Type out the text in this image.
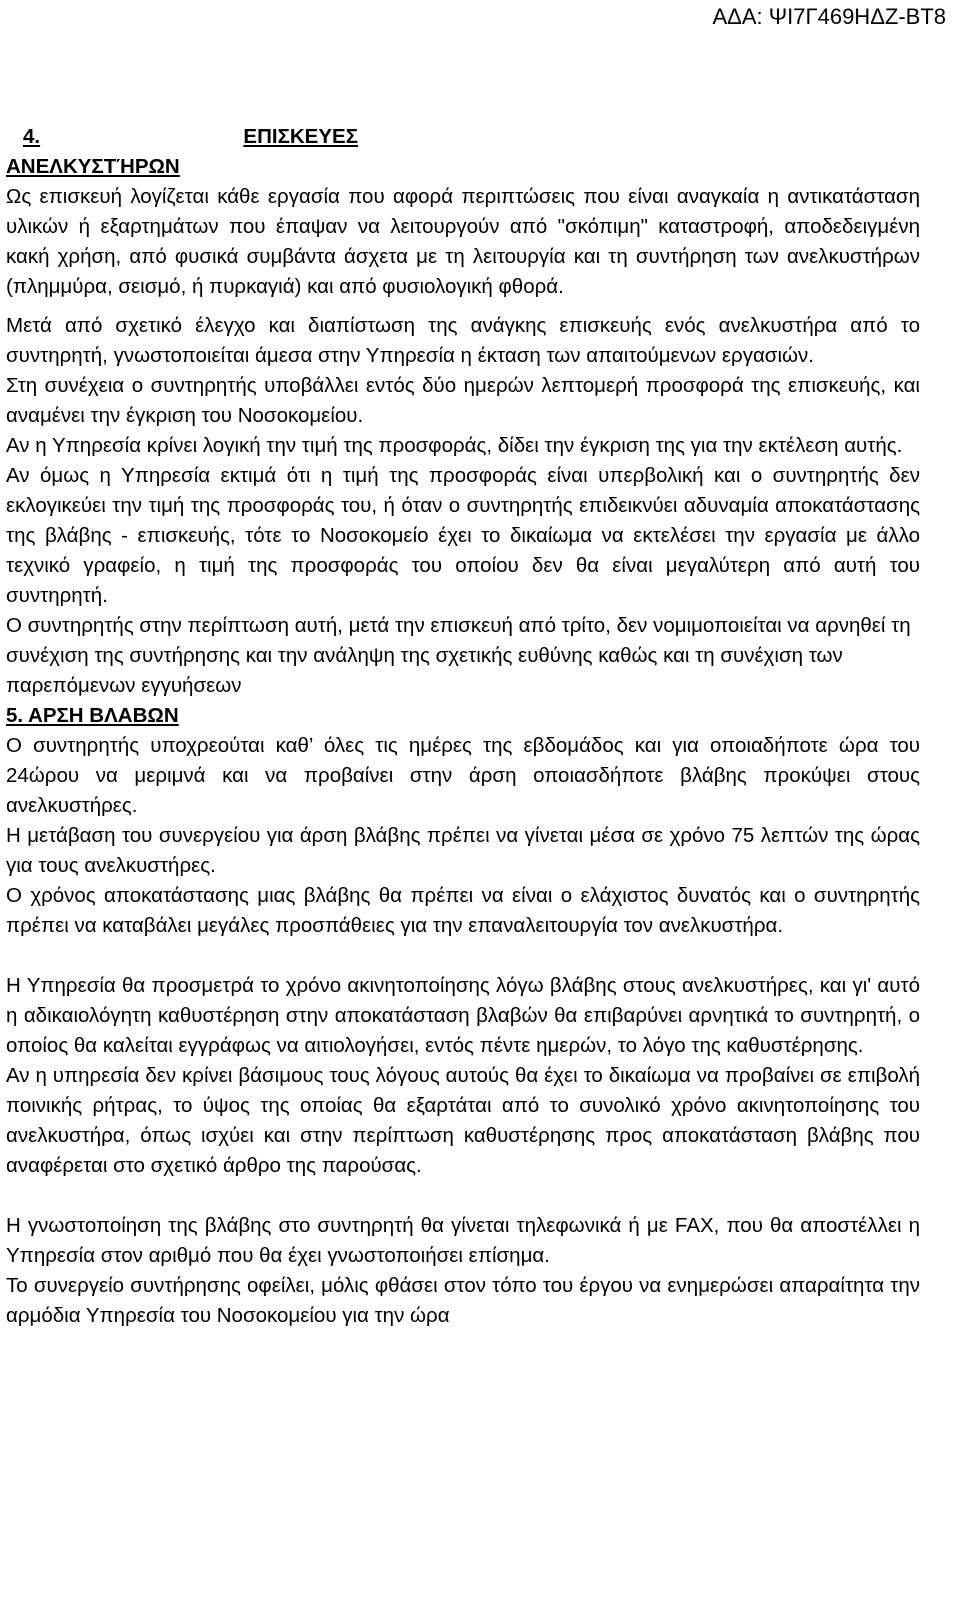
ΑΔΑ: ΨΙ7Γ469ΗΔΖ-ΒΤ8
4.	ΕΠΙΣΚΕΥΕΣ
ΑΝΕΛΚΥΣΤΉΡΩΝ

Ως επισκευή λογίζεται κάθε εργασία που αφορά περιπτώσεις που είναι αναγκαία η αντικατάσταση υλικών ή εξαρτημάτων που έπαψαν να λειτουργούν από "σκόπιμη" καταστροφή, αποδεδειγμένη κακή χρήση, από φυσικά συμβάντα άσχετα με τη λειτουργία και τη συντήρηση των ανελκυστήρων (πλημμύρα, σεισμό, ή πυρκαγιά) και από φυσιολογική φθορά.

Μετά από σχετικό έλεγχο και διαπίστωση της ανάγκης επισκευής ενός ανελκυστήρα από το συντηρητή, γνωστοποιείται άμεσα στην Υπηρεσία η έκταση των απαιτούμενων εργασιών.

Στη συνέχεια ο συντηρητής υποβάλλει εντός δύο ημερών λεπτομερή προσφορά της επισκευής, και αναμένει την έγκριση του Νοσοκομείου.

Αν η Υπηρεσία κρίνει λογική την τιμή της προσφοράς, δίδει την έγκριση της για την εκτέλεση αυτής.

Αν όμως η Υπηρεσία εκτιμά ότι η τιμή της προσφοράς είναι υπερβολική και ο συντηρητής δεν εκλογικεύει την τιμή της προσφοράς του, ή όταν ο συντηρητής επιδεικνύει αδυναμία αποκατάστασης της βλάβης - επισκευής, τότε το Νοσοκομείο έχει το δικαίωμα να εκτελέσει την εργασία με άλλο τεχνικό γραφείο, η τιμή της προσφοράς του οποίου δεν θα είναι μεγαλύτερη από αυτή του συντηρητή.

Ο συντηρητής στην περίπτωση αυτή, μετά την επισκευή από τρίτο, δεν νομιμοποιείται να αρνηθεί τη συνέχιση της συντήρησης και την ανάληψη της σχετικής ευθύνης καθώς και τη συνέχιση των παρεπόμενων εγγυήσεων

5. ΑΡΣΗ ΒΛΑΒΩΝ

Ο συντηρητής υποχρεούται καθ’ όλες τις ημέρες της εβδομάδος και για οποιαδήποτε ώρα του 24ώρου να μεριμνά και να προβαίνει στην άρση οποιασδήποτε βλάβης προκύψει στους ανελκυστήρες.

Η μετάβαση του συνεργείου για άρση βλάβης πρέπει να γίνεται μέσα σε χρόνο 75 λεπτών της ώρας για τους ανελκυστήρες.

Ο χρόνος αποκατάστασης μιας βλάβης θα πρέπει να είναι ο ελάχιστος δυνατός και ο συντηρητής πρέπει να καταβάλει μεγάλες προσπάθειες για την επαναλειτουργία τον ανελκυστήρα.

Η Υπηρεσία θα προσμετρά το χρόνο ακινητοποίησης λόγω βλάβης στους ανελκυστήρες, και γι' αυτό η αδικαιολόγητη καθυστέρηση στην αποκατάσταση βλαβών θα επιβαρύνει αρνητικά το συντηρητή, ο οποίος θα καλείται εγγράφως να αιτιολογήσει, εντός πέντε ημερών, το λόγο της καθυστέρησης.

Αν η υπηρεσία δεν κρίνει βάσιμους τους λόγους αυτούς θα έχει το δικαίωμα να προβαίνει σε επιβολή ποινικής ρήτρας, το ύψος της οποίας θα εξαρτάται από το συνολικό χρόνο ακινητοποίησης του ανελκυστήρα, όπως ισχύει και στην περίπτωση καθυστέρησης προς αποκατάσταση βλάβης που αναφέρεται στο σχετικό άρθρο της παρούσας.

Η γνωστοποίηση της βλάβης στο συντηρητή θα γίνεται τηλεφωνικά ή με FAX, που θα αποστέλλει η Υπηρεσία στον αριθμό που θα έχει γνωστοποιήσει επίσημα.

Το συνεργείο συντήρησης οφείλει, μόλις φθάσει στον τόπο του έργου να ενημερώσει απαραίτητα την αρμόδια Υπηρεσία του Νοσοκομείου για την ώρα
